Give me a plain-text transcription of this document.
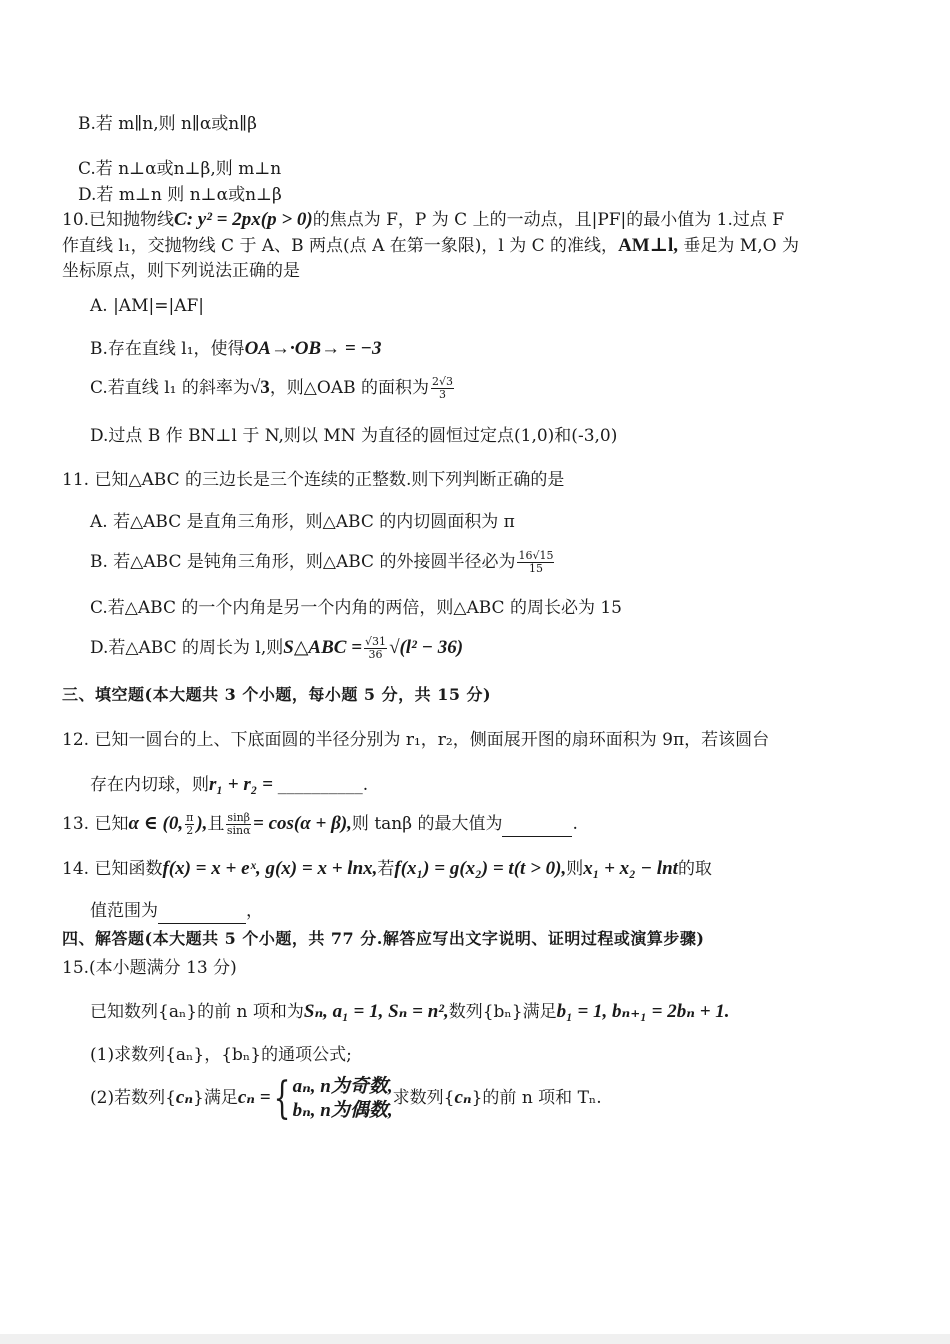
B.若 m∥n,则 n∥α或n∥β
C.若 n⊥α或n⊥β,则 m⊥n
D.若 m⊥n 则 n⊥α或n⊥β
10.已知抛物线C: y² = 2px(p > 0)的焦点为 F，P 为 C 上的一动点，且|PF|的最小值为 1.过点 F
作直线 l₁，交抛物线 C 于 A、B 两点(点 A 在第一象限)，l 为 C 的准线，AM⊥l, 垂足为 M,O 为
坐标原点，则下列说法正确的是
A. |AM|=|AF|
B.存在直线 l₁，使得OA→·OB→ = −3
C.若直线 l₁ 的斜率为√3，则△OAB 的面积为 $\frac{2√3}{3}$
D.过点 B 作 BN⊥l 于 N,则以 MN 为直径的圆恒过定点(1,0)和(-3,0)
11. 已知△ABC 的三边长是三个连续的正整数.则下列判断正确的是
A. 若△ABC 是直角三角形，则△ABC 的内切圆面积为 π
B. 若△ABC 是钝角三角形，则△ABC 的外接圆半径必为 $\frac{16√15}{15}$
C.若△ABC 的一个内角是另一个内角的两倍，则△ABC 的周长必为 15
D.若△ABC 的周长为 l,则S△ABC = $\frac{√31}{36} √(l^2 - 36)$
三、填空题(本大题共 3 个小题，每小题 5 分，共 15 分)
12. 已知一圆台的上、下底面圆的半径分别为 r₁，r₂，侧面展开图的扇环面积为 9π，若该圆台
存在内切球，则r₁ + r₂ = __________.
13. 已知α ∈ (0, $\frac{\pi}{2}$ ),且 $\frac{\sin\beta}{\sin\alpha} = \cos(\alpha + \beta)$,则 tanβ 的最大值为	.
14. 已知函数f(x) = x + eˣ, g(x) = x + lnx,若f(x₁) = g(x₂) = t(t > 0),则x₁ + x₂ − lnt的取
值范围为	，
四、解答题(本大题共 5 个小题，共 77 分.解答应写出文字说明、证明过程或演算步骤)
15.(本小题满分 13 分)
已知数列{aₙ}的前 n 项和为Sₙ, a₁ = 1, Sₙ = n²,数列{bₙ}满足b₁ = 1, bₙ₊₁ = 2bₙ + 1.
(1)求数列{aₙ}，{bₙ}的通项公式;
(2)若数列{cₙ}满足cₙ ={ aₙ, n为奇数,
bₙ, n为偶数,
求数列{cₙ}的前 n 项和 Tₙ.
